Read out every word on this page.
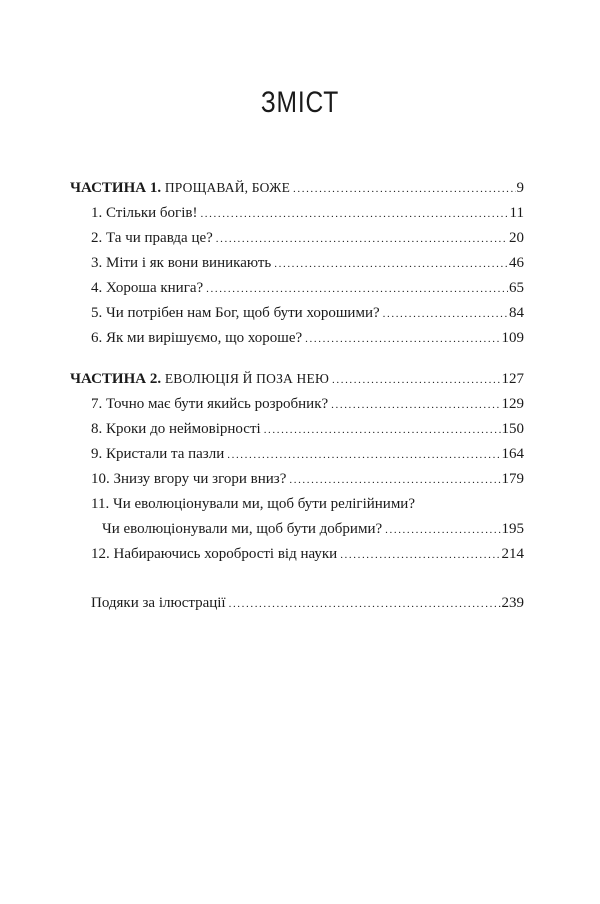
ЗМІСТ
ЧАСТИНА 1. ПРОЩАВАЙ, БОЖЕ .....	9
1. Стільки богів! .....	11
2. Та чи правда це? .....	20
3. Міти і як вони виникають .....	46
4. Хороша книга? .....	65
5. Чи потрібен нам Бог, щоб бути хорошими? .....	84
6. Як ми вирішуємо, що хороше? .....	109
ЧАСТИНА 2. ЕВОЛЮЦІЯ Й ПОЗА НЕЮ .....	127
7. Точно має бути якийсь розробник? .....	129
8. Кроки до неймовірності .....	150
9. Кристали та пазли .....	164
10. Знизу вгору чи згори вниз? .....	179
11. Чи еволюціонували ми, щоб бути релігійними?
Чи еволюціонували ми, щоб бути добрими? .....	195
12. Набираючись хоробрості від науки .....	214
Подяки за ілюстрації .....	239
